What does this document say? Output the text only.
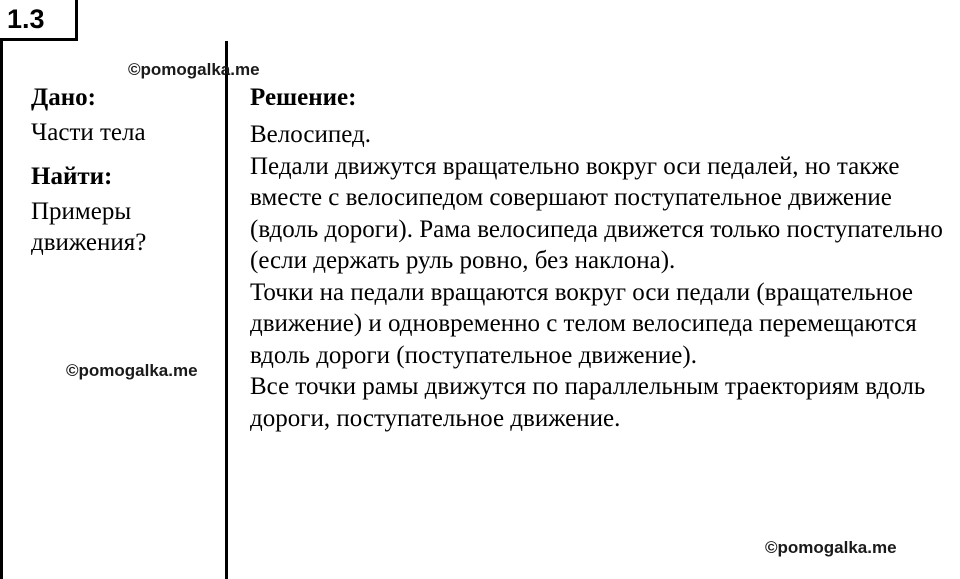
1.3

Дано:

Части тела

Найти:

Примеры

движения?

Решение:

Велосипед.

Педали движутся вращательно вокруг оси педалей, но также вместе с велосипедом совершают поступательное движение (вдоль дороги). Рама велосипеда движется только поступательно (если держать руль ровно, без наклона).

Точки на педали вращаются вокруг оси педали (вращательное движение) и одновременно с телом велосипеда перемещаются вдоль дороги (поступательное движение).

Все точки рамы движутся по параллельным траекториям вдоль дороги, поступательное движение.

©pomogalka.me
©pomogalka.me
©pomogalka.me
